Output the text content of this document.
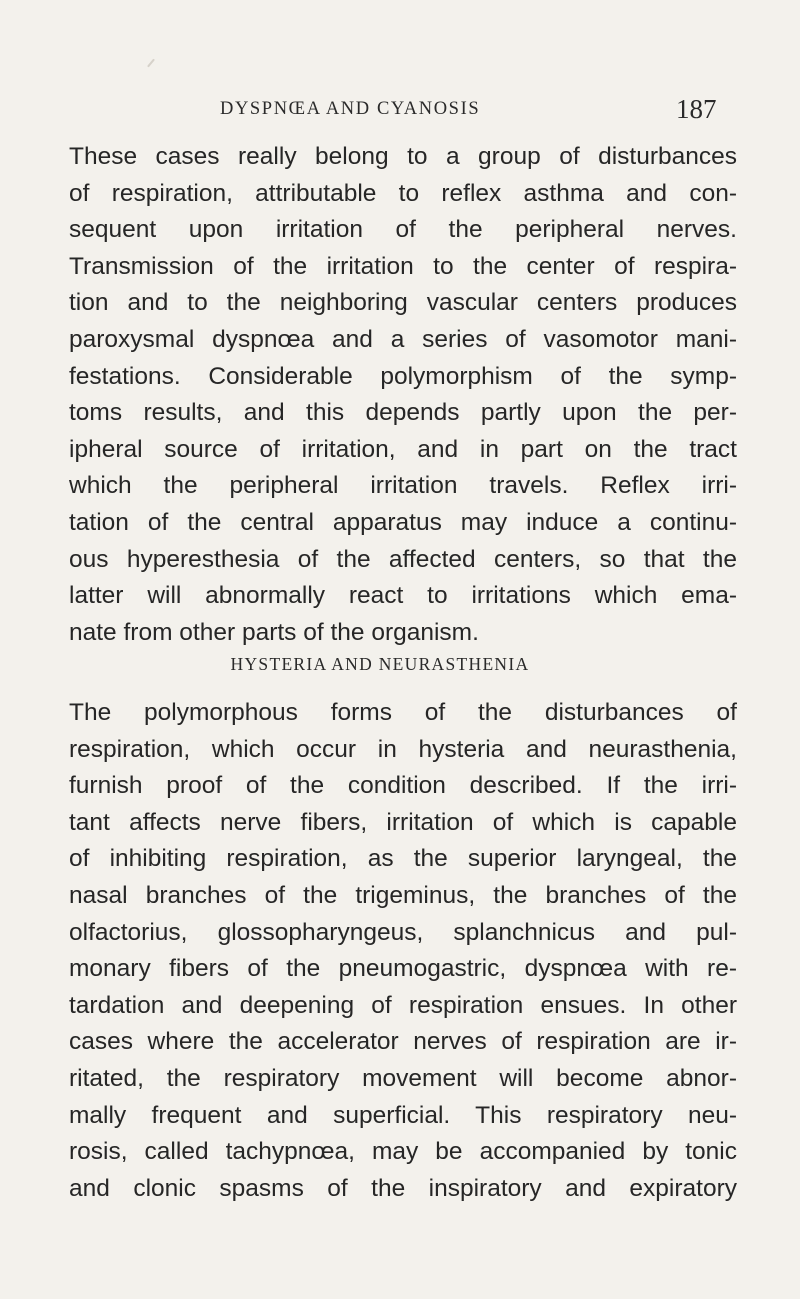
DYSPNŒA AND CYANOSIS	187
These cases really belong to a group of disturbances
of respiration, attributable to reflex asthma and con-
sequent upon irritation of the peripheral nerves.
Transmission of the irritation to the center of respira-
tion and to the neighboring vascular centers produces
paroxysmal dyspnœa and a series of vasomotor mani-
festations. Considerable polymorphism of the symp-
toms results, and this depends partly upon the per-
ipheral source of irritation, and in part on the tract
which the peripheral irritation travels. Reflex irri-
tation of the central apparatus may induce a continu-
ous hyperesthesia of the affected centers, so that the
latter will abnormally react to irritations which ema-
nate from other parts of the organism.
HYSTERIA AND NEURASTHENIA
The polymorphous forms of the disturbances of
respiration, which occur in hysteria and neurasthenia,
furnish proof of the condition described. If the irri-
tant affects nerve fibers, irritation of which is capable
of inhibiting respiration, as the superior laryngeal, the
nasal branches of the trigeminus, the branches of the
olfactorius, glossopharyngeus, splanchnicus and pul-
monary fibers of the pneumogastric, dyspnœa with re-
tardation and deepening of respiration ensues. In other
cases where the accelerator nerves of respiration are ir-
ritated, the respiratory movement will become abnor-
mally frequent and superficial. This respiratory neu-
rosis, called tachypnœa, may be accompanied by tonic
and clonic spasms of the inspiratory and expiratory
